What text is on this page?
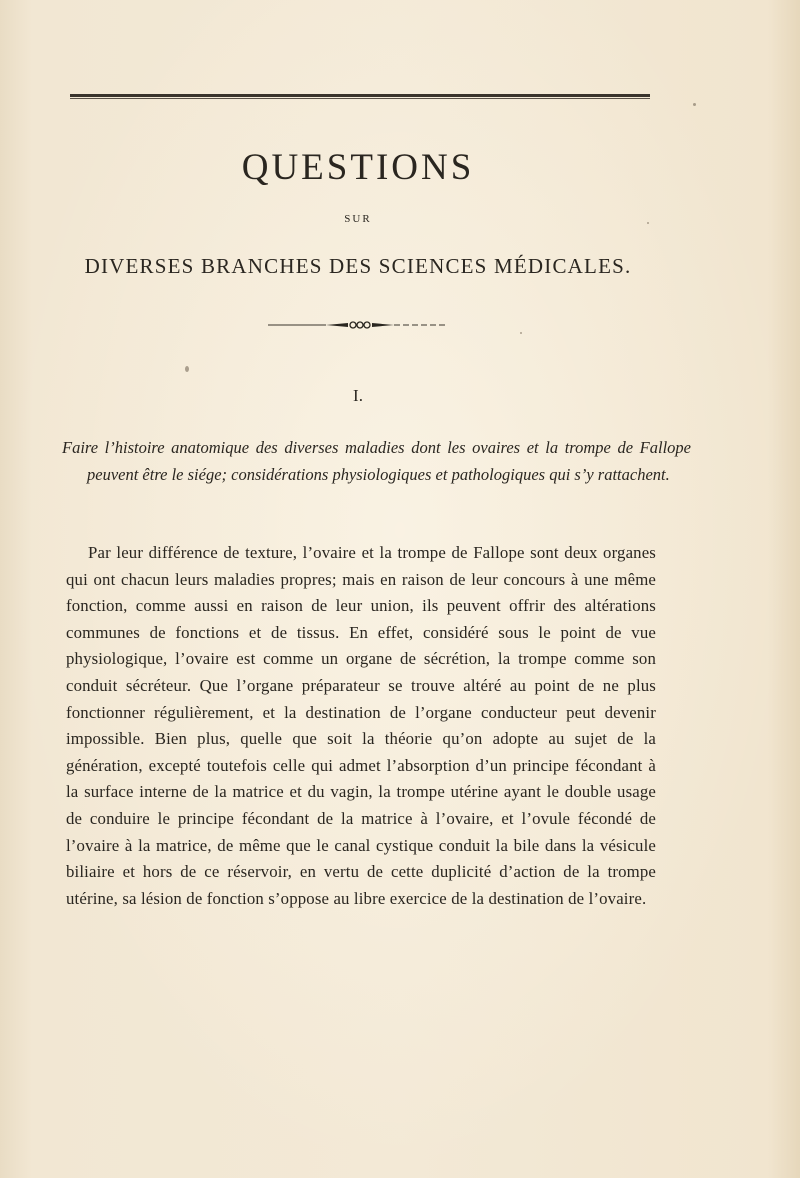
QUESTIONS

SUR

DIVERSES BRANCHES DES SCIENCES MÉDICALES.

I.

Faire l’histoire anatomique des diverses maladies dont les ovaires et la trompe de Fallope peuvent être le siége; considérations physiologiques et pathologiques qui s’y rattachent.

Par leur différence de texture, l’ovaire et la trompe de Fallope sont deux organes qui ont chacun leurs maladies propres; mais en raison de leur concours à une même fonction, comme aussi en raison de leur union, ils peuvent offrir des altérations communes de fonctions et de tissus. En effet, considéré sous le point de vue physiologique, l’ovaire est comme un organe de sécrétion, la trompe comme son conduit sécréteur. Que l’organe préparateur se trouve altéré au point de ne plus fonctionner régulièrement, et la destination de l’organe conducteur peut devenir impossible. Bien plus, quelle que soit la théorie qu’on adopte au sujet de la génération, excepté toutefois celle qui admet l’absorption d’un principe fécondant à la surface interne de la matrice et du vagin, la trompe utérine ayant le double usage de conduire le principe fécondant de la matrice à l’ovaire, et l’ovule fécondé de l’ovaire à la matrice, de même que le canal cystique conduit la bile dans la vésicule biliaire et hors de ce réservoir, en vertu de cette duplicité d’action de la trompe utérine, sa lésion de fonction s’oppose au libre exercice de la destination de l’ovaire.
